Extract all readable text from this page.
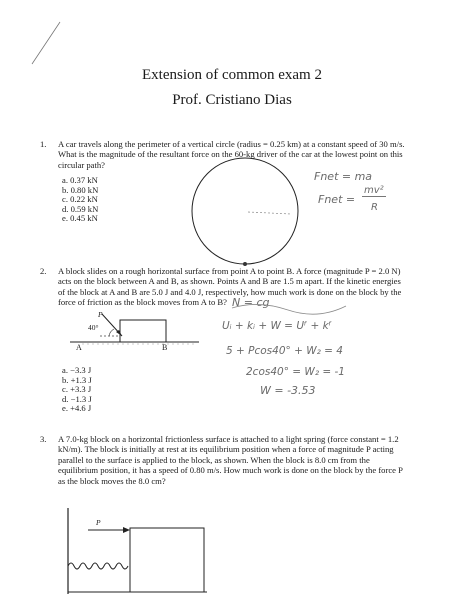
Extension of common exam 2
Prof. Cristiano Dias
1. A car travels along the perimeter of a vertical circle (radius = 0.25 km) at a constant speed of 30 m/s.
What is the magnitude of the resultant force on the 60-kg driver of the car at the lowest point on this
circular path?
a. 0.37 kN
b. 0.80 kN
c. 0.22 kN
d. 0.59 kN
e. 0.45 kN
Fnet = ma
Fnet =
mv²
R
2. A block slides on a rough horizontal surface from point A to point B. A force (magnitude P = 2.0 N)
acts on the block between A and B, as shown. Points A and B are 1.5 m apart. If the kinetic energies
of the block at A and B are 5.0 J and 4.0 J, respectively, how much work is done on the block by the
force of friction as the block moves from A to B?
P
40°
A	B
a. −3.3 J
b. +1.3 J
c. +3.3 J
d. −1.3 J
e. +4.6 J
N = cg
Uᵢ + kᵢ + W = Uᶠ + kᶠ
5 + Pcos40° + W₂ = 4
2cos40° = W₂ = -1
W = -3.53
3. A 7.0-kg block on a horizontal frictionless surface is attached to a light spring (force constant = 1.2
kN/m). The block is initially at rest at its equilibrium position when a force of magnitude P acting
parallel to the surface is applied to the block, as shown. When the block is 8.0 cm from the
equilibrium position, it has a speed of 0.80 m/s. How much work is done on the block by the force P
as the block moves the 8.0 cm?
P
